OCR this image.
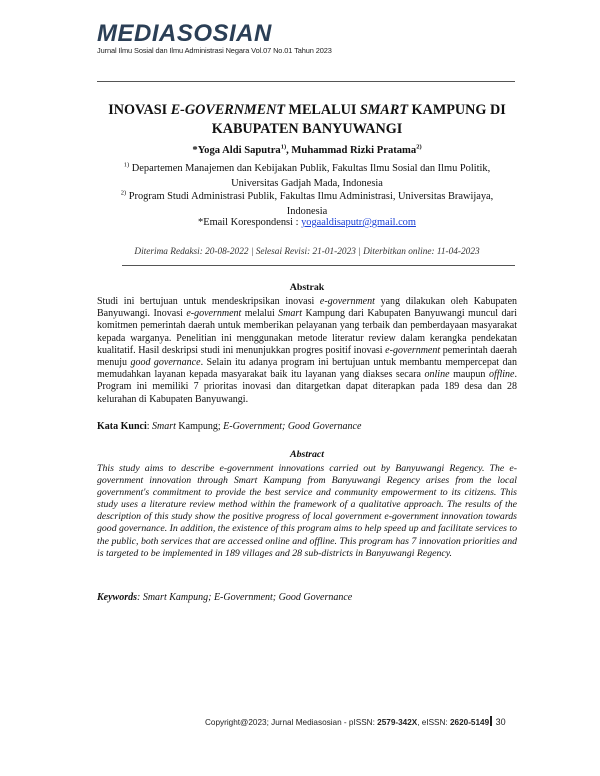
MEDIASOSIAN
Jurnal Ilmu Sosial dan Ilmu Administrasi Negara Vol.07 No.01 Tahun 2023
INOVASI E-GOVERNMENT MELALUI SMART KAMPUNG DI
KABUPATEN BANYUWANGI
*Yoga Aldi Saputra$^{1)}$, Muhammad Rizki Pratama$^{2)}$
$^{1)}$ Departemen Manajemen dan Kebijakan Publik, Fakultas Ilmu Sosial dan Ilmu Politik,
Universitas Gadjah Mada, Indonesia
$^{2)}$ Program Studi Administrasi Publik, Fakultas Ilmu Administrasi, Universitas Brawijaya,
Indonesia
*Email Korespondensi : yogaaldisaputr@gmail.com
Diterima Redaksi: 20-08-2022 | Selesai Revisi: 21-01-2023 | Diterbitkan online: 11-04-2023
Abstrak
Studi ini bertujuan untuk mendeskripsikan inovasi e-government yang dilakukan oleh Kabupaten Banyuwangi. Inovasi e-government melalui Smart Kampung dari Kabupaten Banyuwangi muncul dari komitmen pemerintah daerah untuk memberikan pelayanan yang terbaik dan pemberdayaan masyarakat kepada warganya. Penelitian ini menggunakan metode literatur review dalam kerangka pendekatan kualitatif. Hasil deskripsi studi ini menunjukkan progres positif inovasi e-government pemerintah daerah menuju good governance. Selain itu adanya program ini bertujuan untuk membantu mempercepat dan memudahkan layanan kepada masyarakat baik itu layanan yang diakses secara online maupun offline. Program ini memiliki 7 prioritas inovasi dan ditargetkan dapat diterapkan pada 189 desa dan 28 kelurahan di Kabupaten Banyuwangi.
Kata Kunci: Smart Kampung; E-Government; Good Governance
Abstract
This study aims to describe e-government innovations carried out by Banyuwangi Regency. The e-government innovation through Smart Kampung from Banyuwangi Regency arises from the local government's commitment to provide the best service and community empowerment to its citizens. This study uses a literature review method within the framework of a qualitative approach. The results of the description of this study show the positive progress of local government e-government innovation towards good governance. In addition, the existence of this program aims to help speed up and facilitate services to the public, both services that are accessed online and offline. This program has 7 innovation priorities and is targeted to be implemented in 189 villages and 28 sub-districts in Banyuwangi Regency.
Keywords: Smart Kampung; E-Government; Good Governance
Copyright@2023; Jurnal Mediasosian - pISSN: 2579-342X, eISSN: 2620-5149 30
